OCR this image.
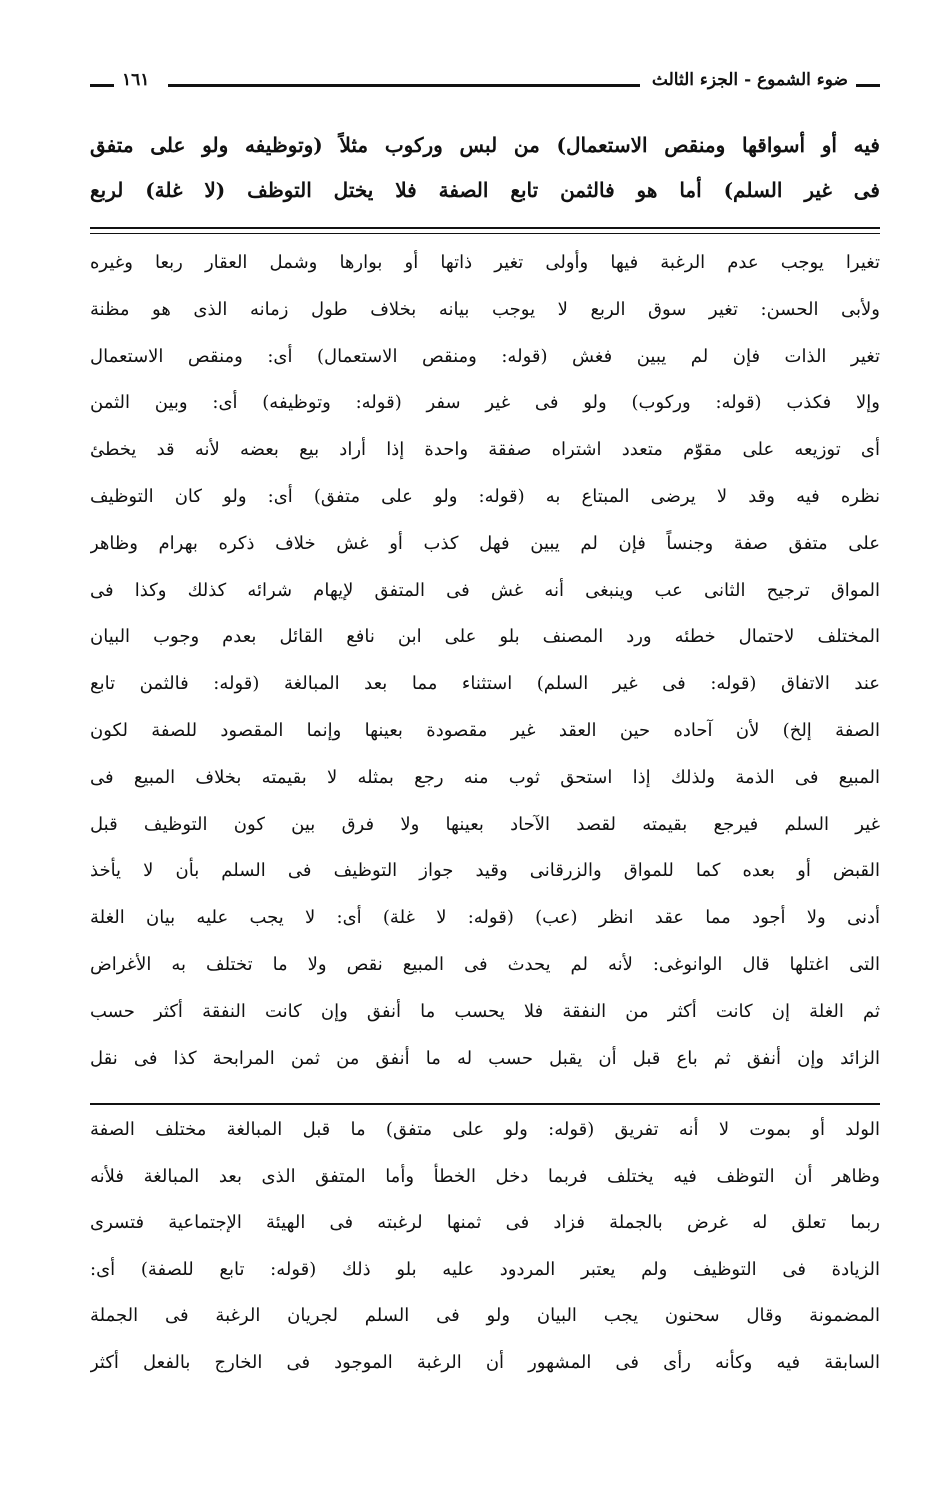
ضوء الشموع - الجزء الثالث
١٦١
فيه أو أسواقها ومنقص الاستعمال) من لبس وركوب مثلاً (وتوظيفه ولو على متفق
فى غير السلم) أما هو فالثمن تابع الصفة فلا يختل التوظف (لا غلة) لربع
تغيرا يوجب عدم الرغبة فيها وأولى تغير ذاتها أو بوارها وشمل العقار ربعا وغيره
ولأبى الحسن: تغير سوق الربع لا يوجب بيانه بخلاف طول زمانه الذى هو مظنة
تغير الذات فإن لم يبين فغش (قوله: ومنقص الاستعمال) أى: ومنقص الاستعمال
وإلا فكذب (قوله: وركوب) ولو فى غير سفر (قوله: وتوظيفه) أى: وبين الثمن
أى توزيعه على مقوّم متعدد اشتراه صفقة واحدة إذا أراد بيع بعضه لأنه قد يخطئ
نظره فيه وقد لا يرضى المبتاع به (قوله: ولو على متفق) أى: ولو كان التوظيف
على متفق صفة وجنساً فإن لم يبين فهل كذب أو غش خلاف ذكره بهرام وظاهر
المواق ترجيح الثانى عب وينبغى أنه غش فى المتفق لإيهام شرائه كذلك وكذا فى
المختلف لاحتمال خطئه ورد المصنف بلو على ابن نافع القائل بعدم وجوب البيان
عند الاتفاق (قوله: فى غير السلم) استثناء مما بعد المبالغة (قوله: فالثمن تابع
الصفة إلخ) لأن آحاده حين العقد غير مقصودة بعينها وإنما المقصود للصفة لكون
المبيع فى الذمة ولذلك إذا استحق ثوب منه رجع بمثله لا بقيمته بخلاف المبيع فى
غير السلم فيرجع بقيمته لقصد الآحاد بعينها ولا فرق بين كون التوظيف قبل
القبض أو بعده كما للمواق والزرقانى وقيد جواز التوظيف فى السلم بأن لا يأخذ
أدنى ولا أجود مما عقد انظر (عب) (قوله: لا غلة) أى: لا يجب عليه بيان الغلة
التى اغتلها قال الوانوغى: لأنه لم يحدث فى المبيع نقص ولا ما تختلف به الأغراض
ثم الغلة إن كانت أكثر من النفقة فلا يحسب ما أنفق وإن كانت النفقة أكثر حسب
الزائد وإن أنفق ثم باع قبل أن يقبل حسب له ما أنفق من ثمن المرابحة كذا فى نقل
الولد أو بموت لا أنه تفريق (قوله: ولو على متفق) ما قبل المبالغة مختلف الصفة
وظاهر أن التوظف فيه يختلف فربما دخل الخطأ وأما المتفق الذى بعد المبالغة فلأنه
ربما تعلق له غرض بالجملة فزاد فى ثمنها لرغبته فى الهيئة الإجتماعية فتسرى
الزيادة فى التوظيف ولم يعتبر المردود عليه بلو ذلك (قوله: تابع للصفة) أى:
المضمونة وقال سحنون يجب البيان ولو فى السلم لجريان الرغبة فى الجملة
السابقة فيه وكأنه رأى فى المشهور أن الرغبة الموجود فى الخارج بالفعل أكثر
